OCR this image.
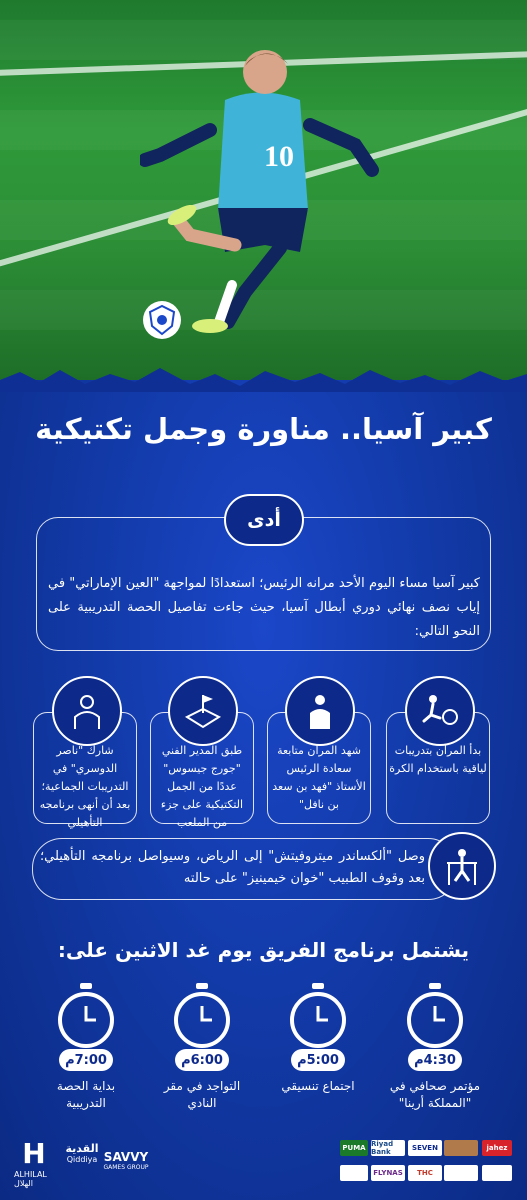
10
كبير آسيا.. مناورة وجمل تكتيكية
أدى
كبير آسيا مساء اليوم الأحد مرانه الرئيس؛ استعدادًا لمواجهة "العين الإماراتي" في إياب نصف نهائي دوري أبطال آسيا، حيث جاءت تفاصيل الحصة التدريبية على النحو التالي:
بدأ المران بتدريبات لياقية باستخدام الكرة
شهد المران متابعة سعادة الرئيس الأستاذ "فهد بن سعد بن نافل"
طبق المدير الفني "جورج جيسوس" عددًا من الجمل التكتيكية على جزء من الملعب
شارك "ناصر الدوسري" في التدريبات الجماعية؛ بعد أن أنهى برنامجه التأهيلي
وصل "ألكساندر ميتروفيتش" إلى الرياض، وسيواصل برنامجه التأهيلي؛ بعد وقوف الطبيب "خوان خيمينيز" على حالته
يشتمل برنامج الفريق يوم غد الاثنين على:
4:30م
5:00م
6:00م
7:00م
مؤتمر صحافي في "المملكة أرينا"
اجتماع تنسيقي
التواجد في مقر النادي
بداية الحصة التدريبية
H
ALHILAL الهلال
القدية
Qiddiya SAVVY
GAMES GROUP
jahez
SEVEN
Riyad Bank
PUMA
THC
FLYNAS
